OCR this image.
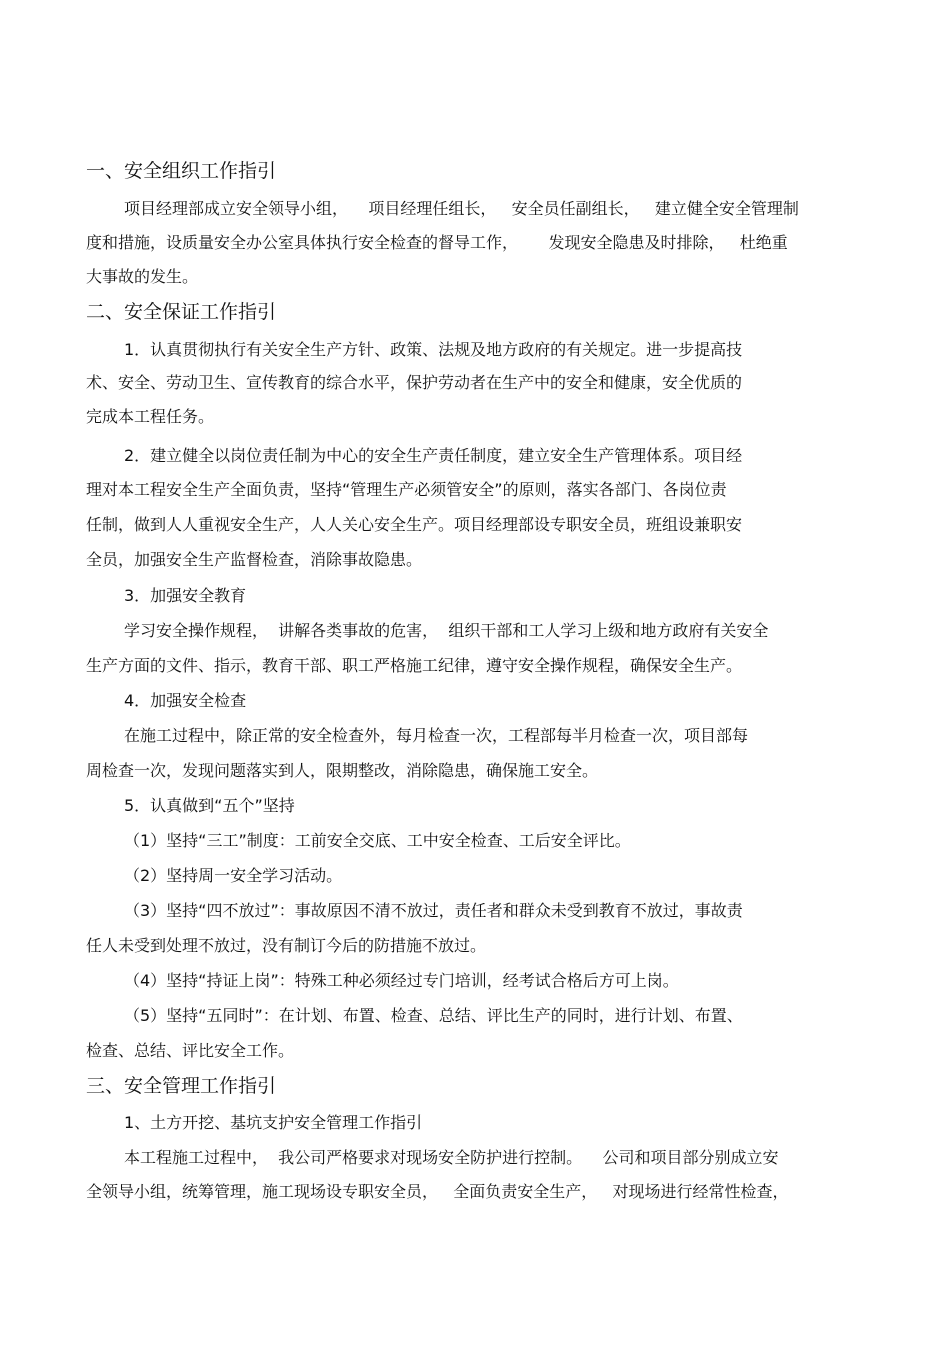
一、安全组织工作指引
项目经理部成立安全领导小组，    项目经理任组长，   安全员任副组长，   建立健全安全管理制
度和措施，设质量安全办公室具体执行安全检查的督导工作，      发现安全隐患及时排除，   杜绝重
大事故的发生。
二、安全保证工作指引
1．认真贯彻执行有关安全生产方针、政策、法规及地方政府的有关规定。进一步提高技
术、安全、劳动卫生、宣传教育的综合水平，保护劳动者在生产中的安全和健康，安全优质的
完成本工程任务。
2．建立健全以岗位责任制为中心的安全生产责任制度，建立安全生产管理体系。项目经
理对本工程安全生产全面负责，坚持“管理生产必须管安全”的原则，落实各部门、各岗位责
任制，做到人人重视安全生产，人人关心安全生产。项目经理部设专职安全员，班组设兼职安
全员，加强安全生产监督检查，消除事故隐患。
3．加强安全教育
学习安全操作规程，  讲解各类事故的危害，  组织干部和工人学习上级和地方政府有关安全
生产方面的文件、指示，教育干部、职工严格施工纪律，遵守安全操作规程，确保安全生产。
4．加强安全检查
在施工过程中，除正常的安全检查外，每月检查一次，工程部每半月检查一次，项目部每
周检查一次，发现问题落实到人，限期整改，消除隐患，确保施工安全。
5．认真做到“五个”坚持
（1）坚持“三工”制度：工前安全交底、工中安全检查、工后安全评比。
（2）坚持周一安全学习活动。
（3）坚持“四不放过”：事故原因不清不放过，责任者和群众未受到教育不放过，事故责
任人未受到处理不放过，没有制订今后的防措施不放过。
（4）坚持“持证上岗”：特殊工种必须经过专门培训，经考试合格后方可上岗。
（5）坚持“五同时”：在计划、布置、检查、总结、评比生产的同时，进行计划、布置、
检查、总结、评比安全工作。
三、安全管理工作指引
1、土方开挖、基坑支护安全管理工作指引
本工程施工过程中，  我公司严格要求对现场安全防护进行控制。    公司和项目部分别成立安
全领导小组，统筹管理，施工现场设专职安全员，   全面负责安全生产，   对现场进行经常性检查，
